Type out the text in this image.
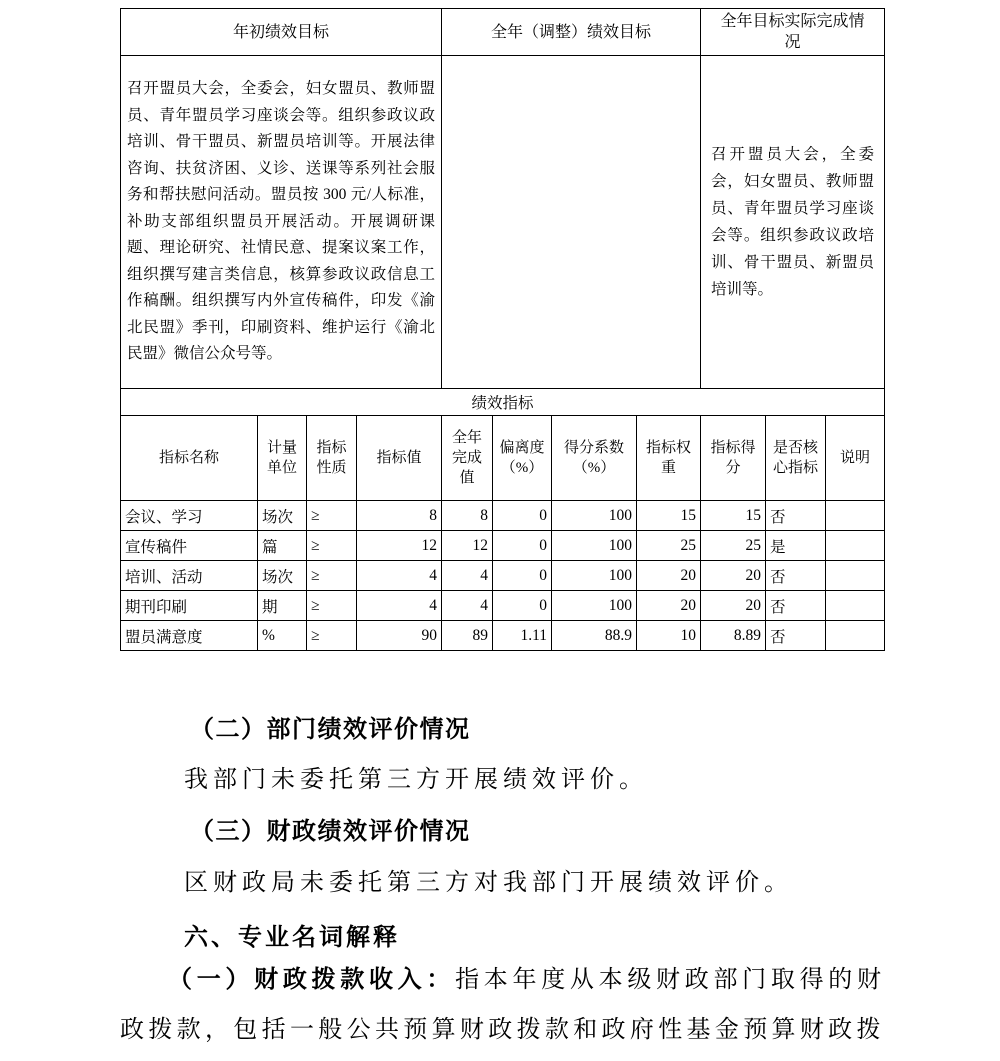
年初绩效目标				全年（调整）绩效目标				全年目标实际完成情况		
召开盟员大会，全委会，妇女盟员、教师盟员、青年盟员学习座谈会等。组织参政议政培训、骨干盟员、新盟员培训等。开展法律咨询、扶贫济困、义诊、送课等系列社会服务和帮扶慰问活动。盟员按 300 元/人标准，补助支部组织盟员开展活动。开展调研课题、理论研究、社情民意、提案议案工作，组织撰写建言类信息，核算参政议政信息工作稿酬。组织撰写内外宣传稿件，印发《渝北民盟》季刊，印刷资料、维护运行《渝北民盟》微信公众号等。								召开盟员大会，全委会，妇女盟员、教师盟员、青年盟员学习座谈会等。组织参政议政培训、骨干盟员、新盟员培训等。		
绩效指标										
指标名称	计量单位	指标性质	指标值	全年完成值	偏离度（%）	得分系数（%）	指标权重	指标得分	是否核心指标	说明
会议、学习	场次	≥	8	8	0	100	15	15	否	
宣传稿件	篇	≥	12	12	0	100	25	25	是	
培训、活动	场次	≥	4	4	0	100	20	20	否	
期刊印刷	期	≥	4	4	0	100	20	20	否	
盟员满意度	%	≥	90	89	1.11	88.9	10	8.89	否	
（二）部门绩效评价情况
我部门未委托第三方开展绩效评价。
（三）财政绩效评价情况
区财政局未委托第三方对我部门开展绩效评价。
六、专业名词解释
（一）财政拨款收入：指本年度从本级财政部门取得的财
政拨款，包括一般公共预算财政拨款和政府性基金预算财政拨
